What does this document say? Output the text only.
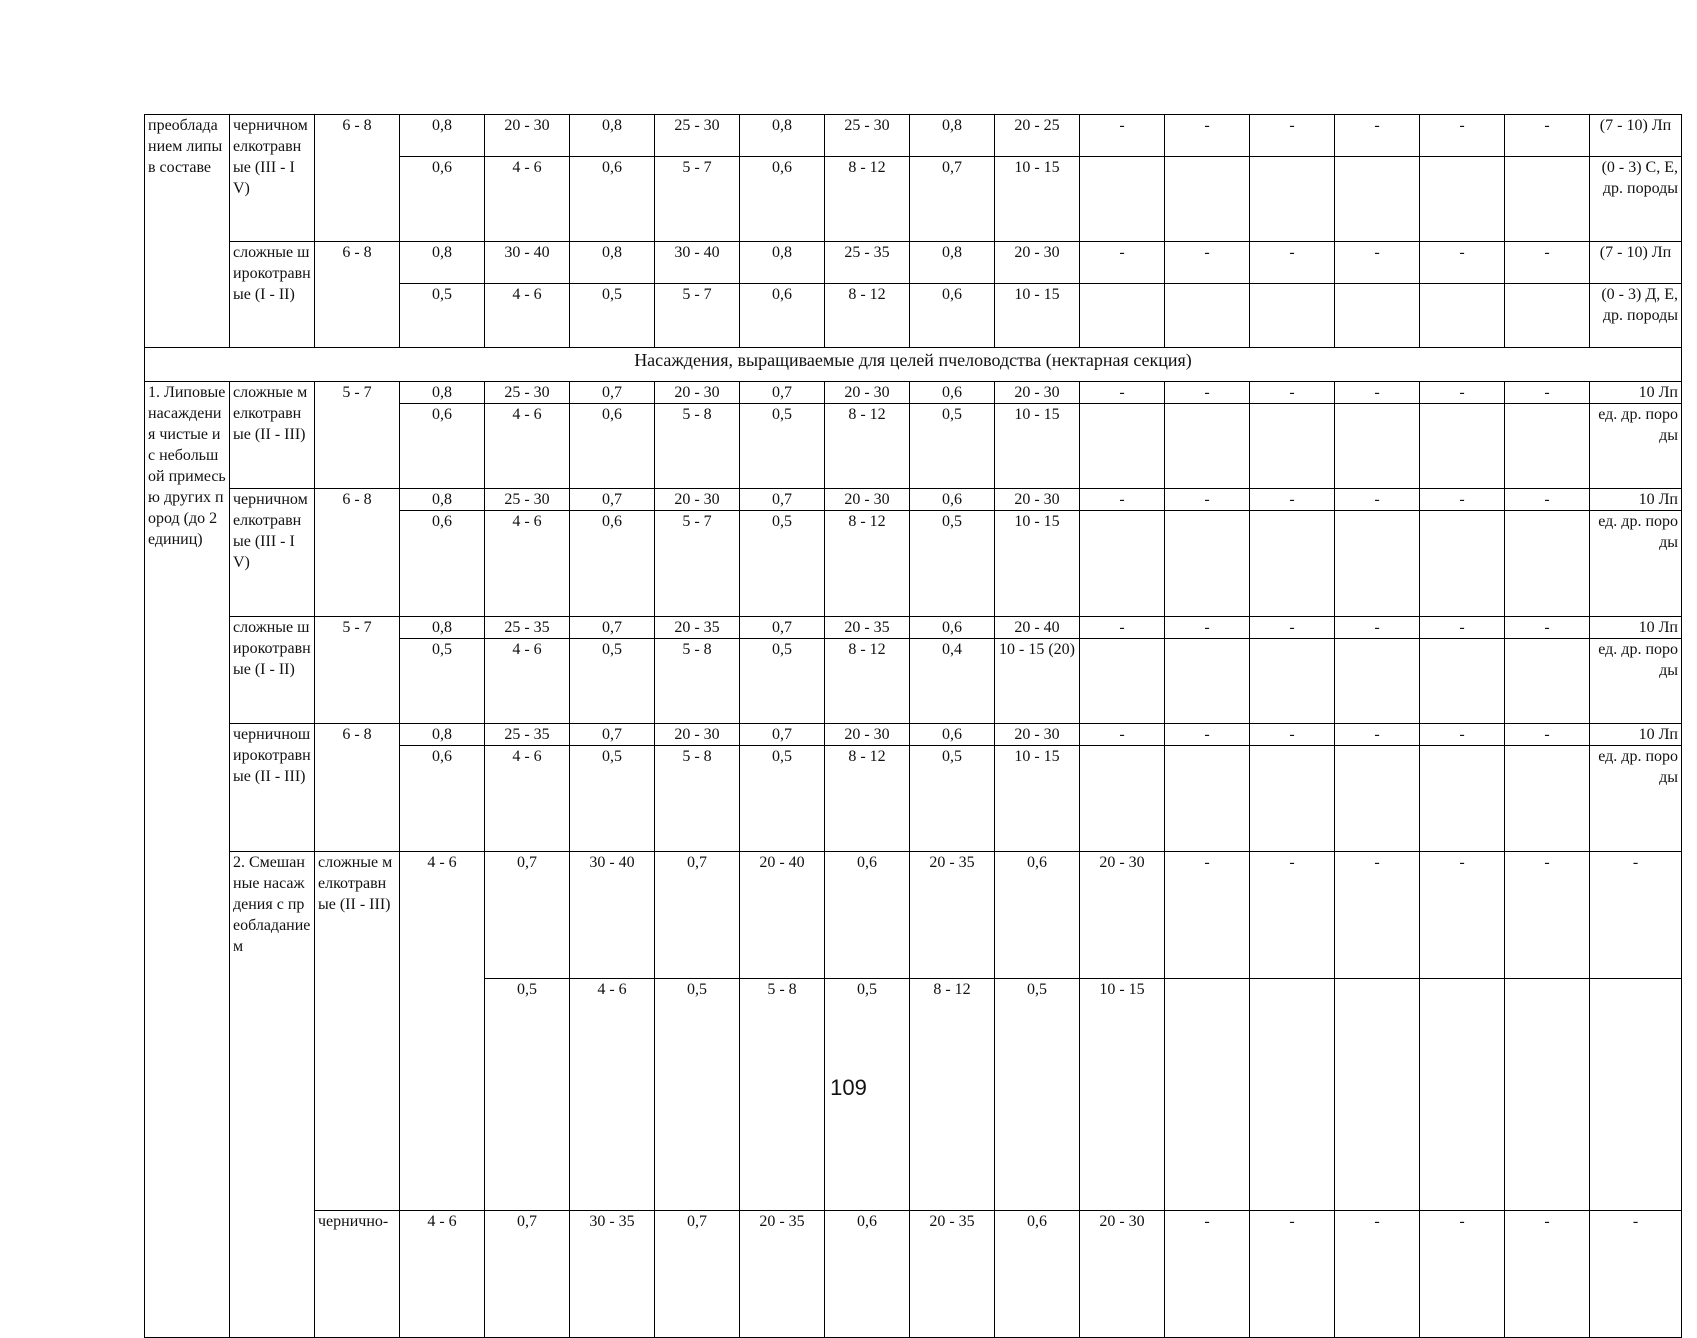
преобладанием липы в составе	черничномелкотравные (III - IV)	6 - 8	0,8	20 - 30	0,8	25 - 30	0,8	25 - 30	0,8	20 - 25	-	-	-	-	-	-	(7 - 10) Лп	
			0,6	4 - 6	0,6	5 - 7	0,6	8 - 12	0,7	10 - 15							(0 - 3) С, Е, др. породы	
	сложные широкотравные (I - II)	6 - 8	0,8	30 - 40	0,8	30 - 40	0,8	25 - 35	0,8	20 - 30	-	-	-	-	-	-	(7 - 10) Лп	
			0,5	4 - 6	0,5	5 - 7	0,6	8 - 12	0,6	10 - 15							(0 - 3) Д, Е, др. породы	
Насаждения, выращиваемые для целей пчеловодства (нектарная секция)																		
1. Липовые насаждения чистые и с небольшой примесью других пород (до 2 единиц)	сложные мелкотравные (II - III)	5 - 7	0,8	25 - 30	0,7	20 - 30	0,7	20 - 30	0,6	20 - 30	-	-	-	-	-	-	10 Лп	
			0,6	4 - 6	0,6	5 - 8	0,5	8 - 12	0,5	10 - 15							ед. др. породы	
	черничномелкотравные (III - IV)	6 - 8	0,8	25 - 30	0,7	20 - 30	0,7	20 - 30	0,6	20 - 30	-	-	-	-	-	-	10 Лп	
			0,6	4 - 6	0,6	5 - 7	0,5	8 - 12	0,5	10 - 15							ед. др. породы	
	сложные широкотравные (I - II)	5 - 7	0,8	25 - 35	0,7	20 - 35	0,7	20 - 35	0,6	20 - 40	-	-	-	-	-	-	10 Лп	
			0,5	4 - 6	0,5	5 - 8	0,5	8 - 12	0,4	10 - 15 (20)							ед. др. породы	
	черничноширокотравные (II - III)	6 - 8	0,8	25 - 35	0,7	20 - 30	0,7	20 - 30	0,6	20 - 30	-	-	-	-	-	-	10 Лп	
			0,6	4 - 6	0,5	5 - 8	0,5	8 - 12	0,5	10 - 15							ед. др. породы	
	2. Смешанные насаждения с преобладанием	сложные мелкотравные (II - III)	4 - 6	0,7	30 - 40	0,7	20 - 40	0,6	20 - 35	0,6	20 - 30	-	-	-	-	-	-	
				0,5	4 - 6	0,5	5 - 8	0,5	8 - 12	0,5	10 - 15							
		чернично-	4 - 6	0,7	30 - 35	0,7	20 - 35	0,6	20 - 35	0,6	20 - 30	-	-	-	-	-	-	
109
